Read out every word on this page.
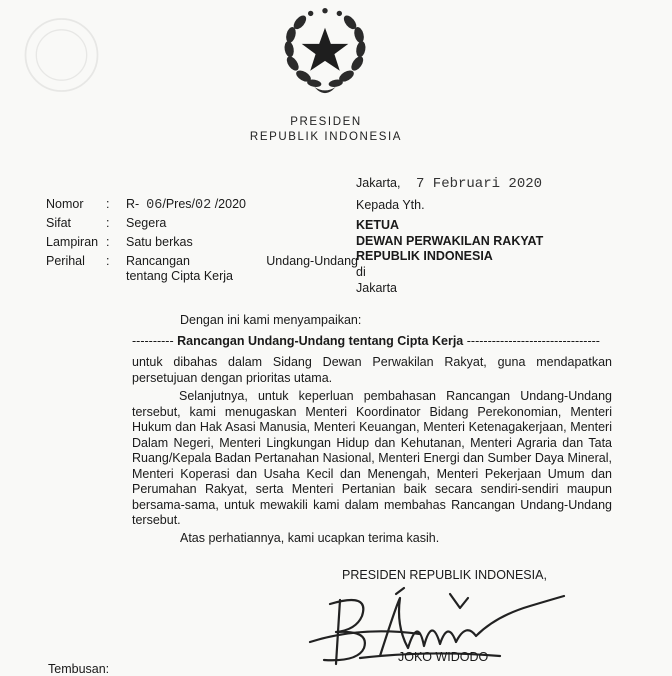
PRESIDEN
REPUBLIK INDONESIA
Jakarta, 7 Februari 2020
Nomor	: R- 06/Pres/02 /2020
Sifat	: Segera
Lampiran : Satu berkas
Perihal	: Rancangan Undang-Undang
tentang Cipta Kerja
Kepada Yth.
KETUA
DEWAN PERWAKILAN RAKYAT
REPUBLIK INDONESIA
di
Jakarta
Dengan ini kami menyampaikan:
---------- Rancangan Undang-Undang tentang Cipta Kerja --------------------------------
untuk dibahas dalam Sidang Dewan Perwakilan Rakyat, guna mendapatkan persetujuan dengan prioritas utama.
Selanjutnya, untuk keperluan pembahasan Rancangan Undang-Undang tersebut, kami menugaskan Menteri Koordinator Bidang Perekonomian, Menteri Hukum dan Hak Asasi Manusia, Menteri Keuangan, Menteri Ketenagakerjaan, Menteri Dalam Negeri, Menteri Lingkungan Hidup dan Kehutanan, Menteri Agraria dan Tata Ruang/Kepala Badan Pertanahan Nasional, Menteri Energi dan Sumber Daya Mineral, Menteri Koperasi dan Usaha Kecil dan Menengah, Menteri Pekerjaan Umum dan Perumahan Rakyat, serta Menteri Pertanian baik secara sendiri-sendiri maupun bersama-sama, untuk mewakili kami dalam membahas Rancangan Undang-Undang tersebut.
Atas perhatiannya, kami ucapkan terima kasih.
PRESIDEN REPUBLIK INDONESIA,
JOKO WIDODO
Tembusan:
